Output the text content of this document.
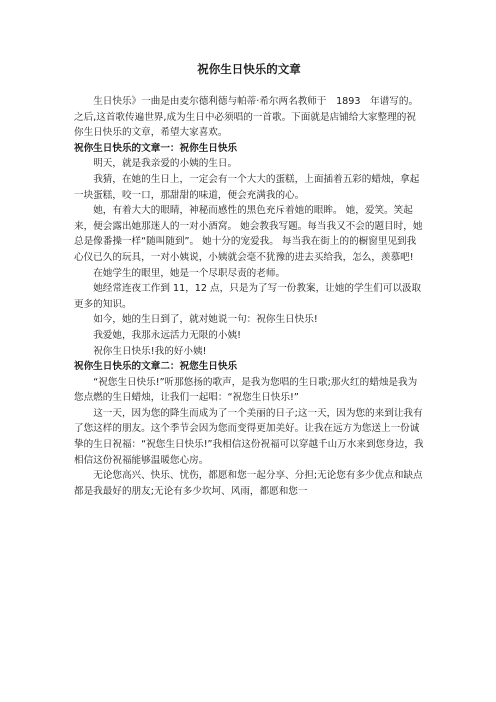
祝你生日快乐的文章
生日快乐》一曲是由麦尔德利德与帕蒂·希尔两名教师于　1893　年谱写的。之后,这首歌传遍世界,成为生日中必须唱的一首歌。下面就是店铺给大家整理的祝你生日快乐的文章，希望大家喜欢。
祝你生日快乐的文章一：祝你生日快乐
明天，就是我亲爱的小姨的生日。
我猜，在她的生日上，一定会有一个大大的蛋糕，上面插着五彩的蜡烛，拿起一块蛋糕，咬一口，那甜甜的味道，便会充满我的心。
她，有着大大的眼睛，神秘而感性的黑色充斥着她的眼眸。 她，爱笑。笑起来，便会露出她那迷人的一对小酒窝。 她会教我写题。每当我又不会的题目时，她总是像番操一样“随叫随到”。 她十分的宠爱我。 每当我在街上的的橱窗里见到我心仪已久的玩具，一对小姨说，小姨就会毫不犹豫的进去买给我，怎么，羡慕吧!
在她学生的眼里，她是一个尽职尽责的老师。
她经常连夜工作到 11，12 点，只是为了写一份教案，让她的学生们可以汲取更多的知识。
如今，她的生日到了，就对她说一句：祝你生日快乐!
我爱她，我那永远活力无限的小姨!
祝你生日快乐!我的好小姨!
祝你生日快乐的文章二：祝您生日快乐
“祝您生日快乐!”听那悠扬的歌声，是我为您唱的生日歌;那火红的蜡烛是我为您点燃的生日蜡烛，让我们一起唱：“祝您生日快乐!”
这一天，因为您的降生而成为了一个美丽的日子;这一天，因为您的来到让我有了您这样的朋友。这个季节会因为您而变得更加美好。让我在远方为您送上一份诚挚的生日祝福：“祝您生日快乐!”我相信这份祝福可以穿越千山万水来到您身边，我相信这份祝福能够温暖您心房。
无论您高兴、快乐、忧伤，都愿和您一起分享、分担;无论您有多少优点和缺点都是我最好的朋友;无论有多少坎坷、风雨，都愿和您一
